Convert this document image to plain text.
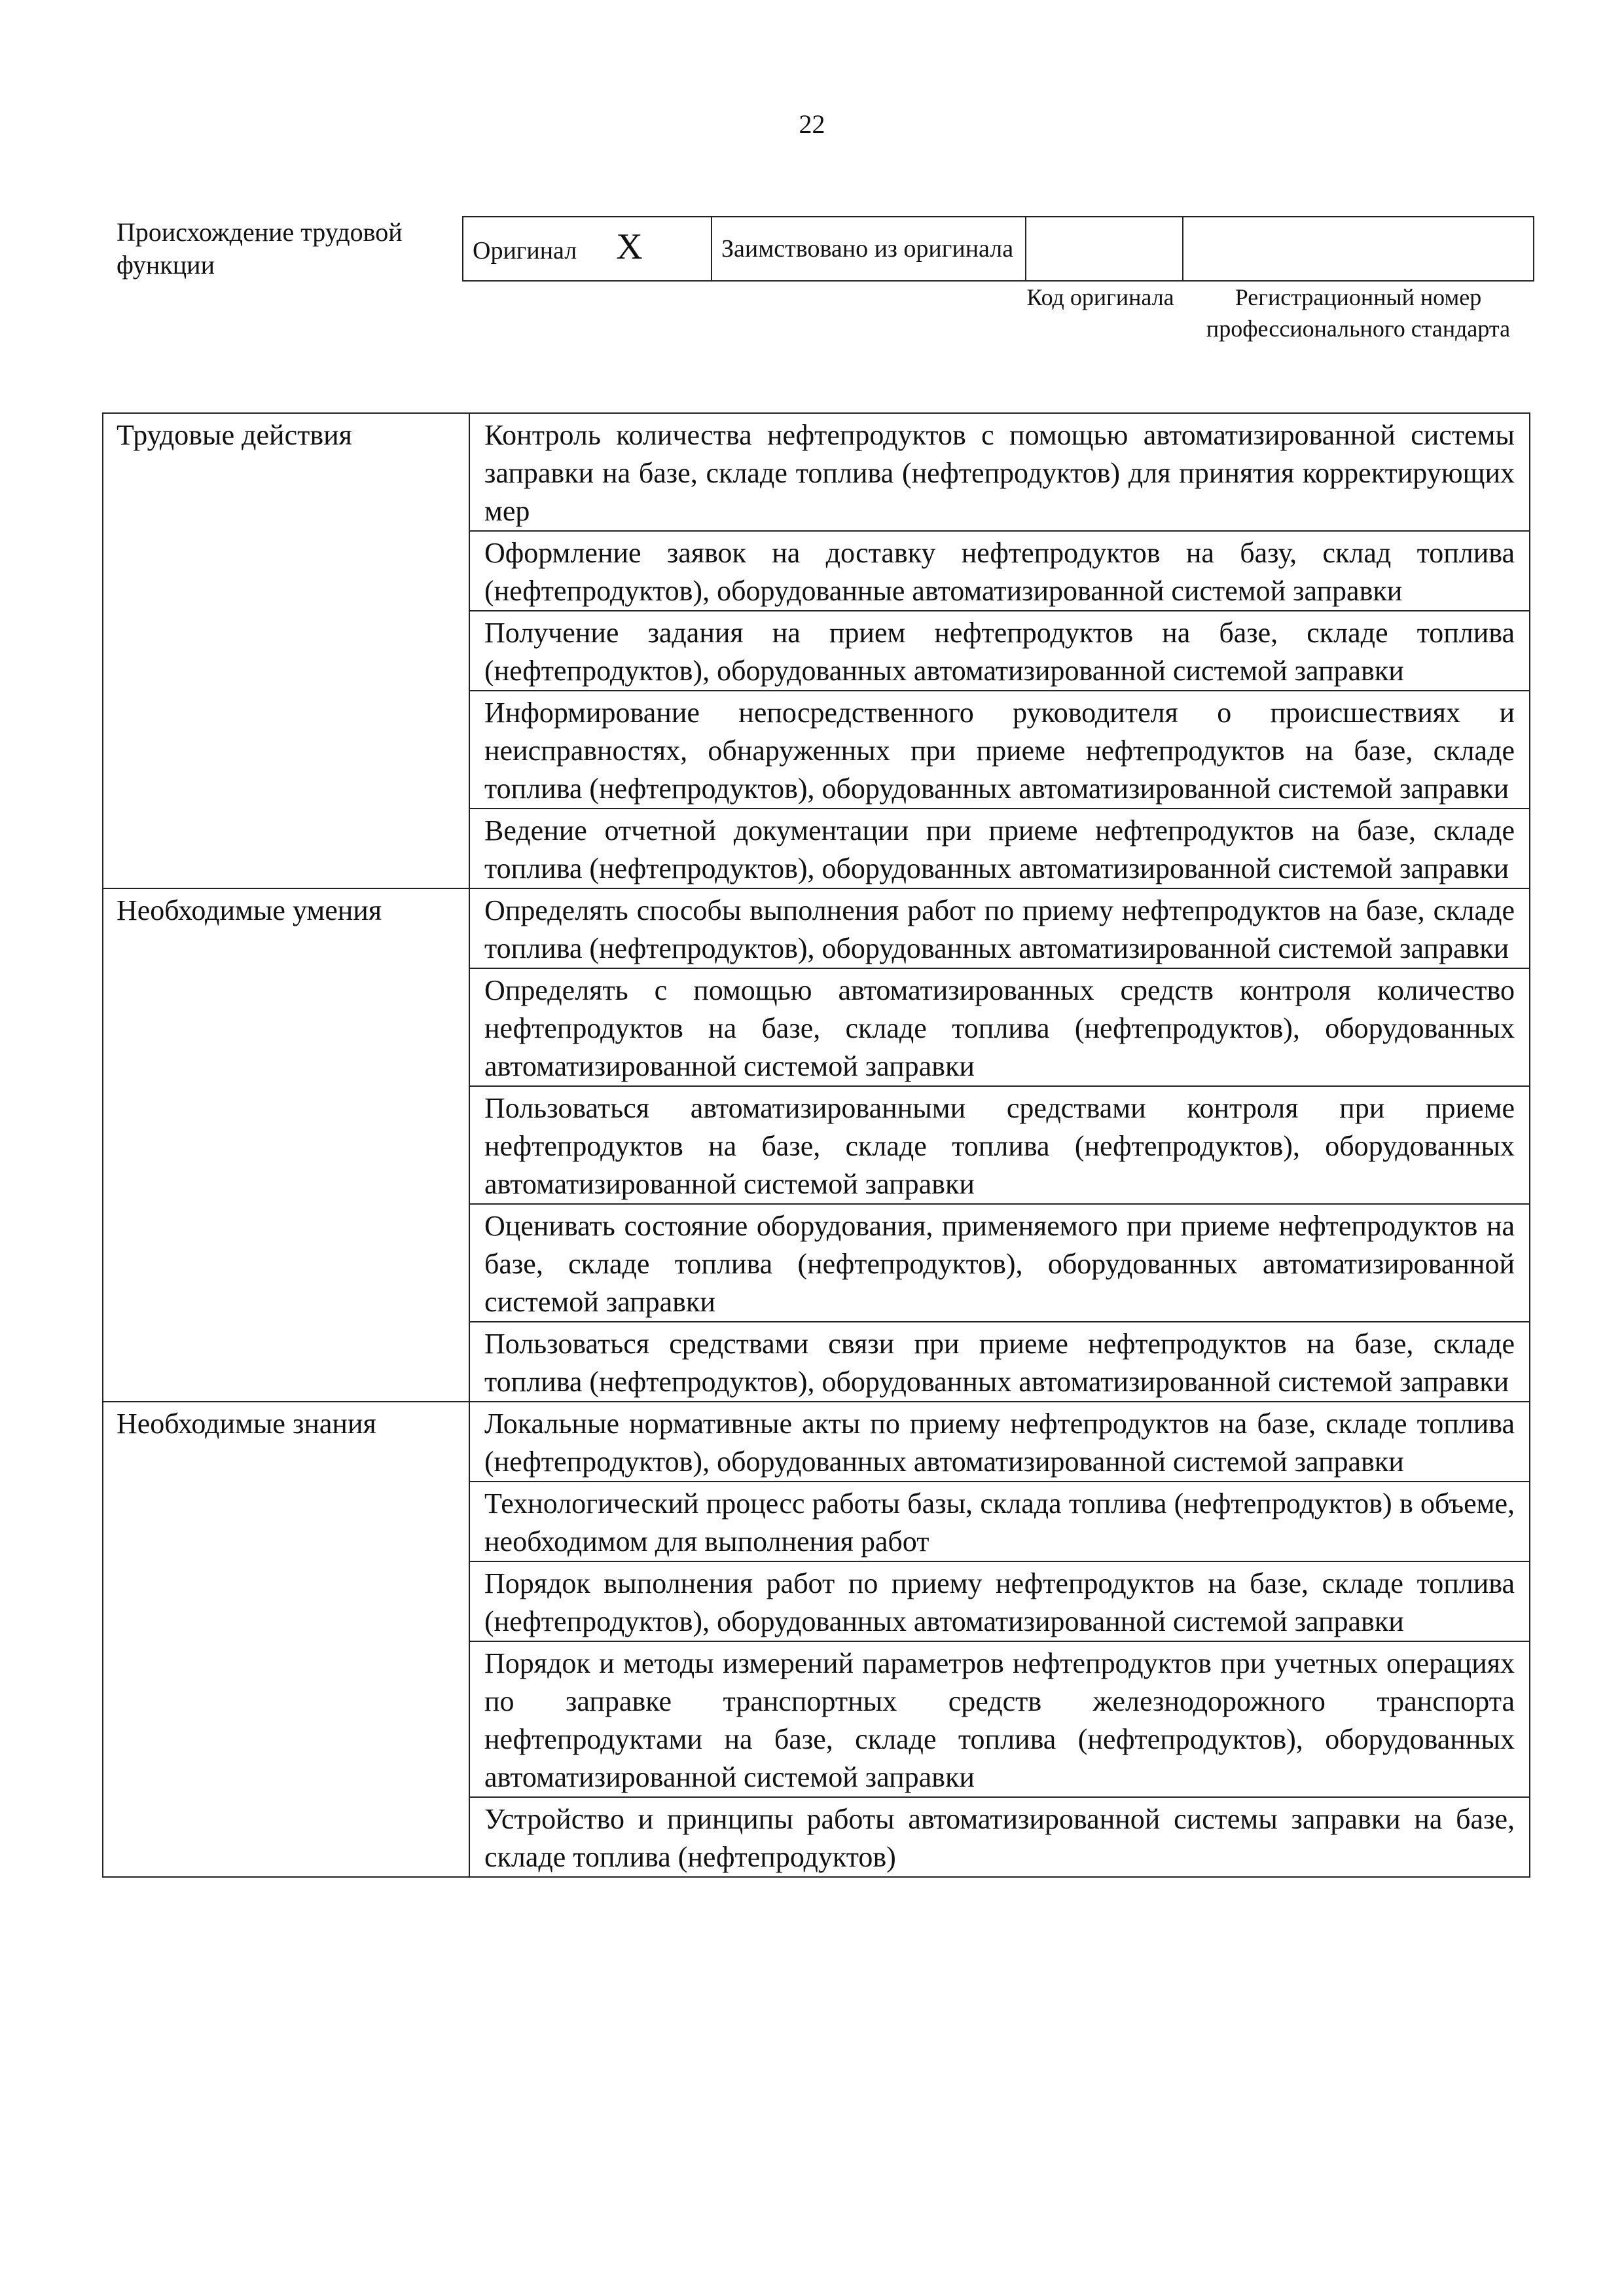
22
Происхождение трудовой функции	Оригинал X	Заимствовано из оригинала		
Код оригинала	Регистрационный номер профессионального стандарта
Трудовые действия	Контроль количества нефтепродуктов с помощью автоматизированной системы заправки на базе, складе топлива (нефтепродуктов) для принятия корректирующих мер
	Оформление заявок на доставку нефтепродуктов на базу, склад топлива (нефтепродуктов), оборудованные автоматизированной системой заправки
	Получение задания на прием нефтепродуктов на базе, складе топлива (нефтепродуктов), оборудованных автоматизированной системой заправки
	Информирование непосредственного руководителя о происшествиях и неисправностях, обнаруженных при приеме нефтепродуктов на базе, складе топлива (нефтепродуктов), оборудованных автоматизированной системой заправки
	Ведение отчетной документации при приеме нефтепродуктов на базе, складе топлива (нефтепродуктов), оборудованных автоматизированной системой заправки
Необходимые умения	Определять способы выполнения работ по приему нефтепродуктов на базе, складе топлива (нефтепродуктов), оборудованных автоматизированной системой заправки
	Определять с помощью автоматизированных средств контроля количество нефтепродуктов на базе, складе топлива (нефтепродуктов), оборудованных автоматизированной системой заправки
	Пользоваться автоматизированными средствами контроля при приеме нефтепродуктов на базе, складе топлива (нефтепродуктов), оборудованных автоматизированной системой заправки
	Оценивать состояние оборудования, применяемого при приеме нефтепродуктов на базе, складе топлива (нефтепродуктов), оборудованных автоматизированной системой заправки
	Пользоваться средствами связи при приеме нефтепродуктов на базе, складе топлива (нефтепродуктов), оборудованных автоматизированной системой заправки
Необходимые знания	Локальные нормативные акты по приему нефтепродуктов на базе, складе топлива (нефтепродуктов), оборудованных автоматизированной системой заправки
	Технологический процесс работы базы, склада топлива (нефтепродуктов) в объеме, необходимом для выполнения работ
	Порядок выполнения работ по приему нефтепродуктов на базе, складе топлива (нефтепродуктов), оборудованных автоматизированной системой заправки
	Порядок и методы измерений параметров нефтепродуктов при учетных операциях по заправке транспортных средств железнодорожного транспорта нефтепродуктами на базе, складе топлива (нефтепродуктов), оборудованных автоматизированной системой заправки
	Устройство и принципы работы автоматизированной системы заправки на базе, складе топлива (нефтепродуктов)
